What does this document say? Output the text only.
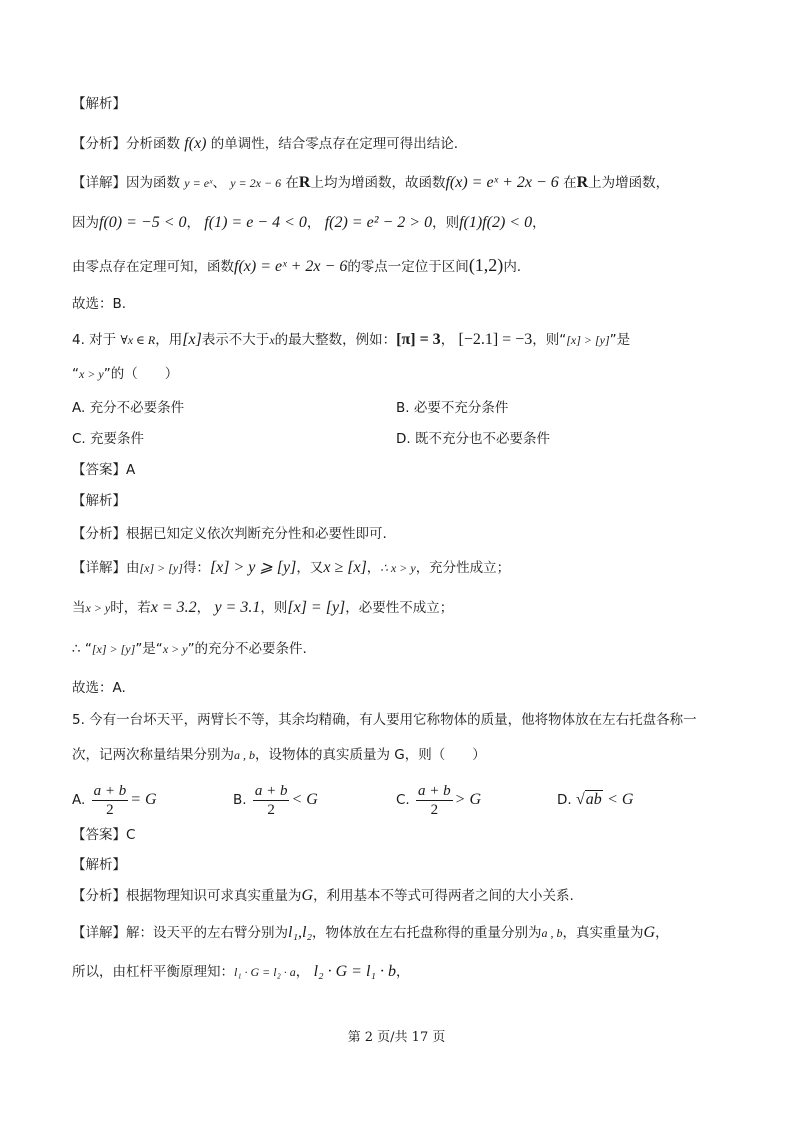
【解析】
【分析】分析函数 f(x) 的单调性，结合零点存在定理可得出结论.
【详解】因为函数 y = eˣ、 y = 2x − 6 在R上均为增函数，故函数f(x) = eˣ + 2x − 6 在R上为增函数，
因为f(0) = −5 < 0， f(1) = e − 4 < 0， f(2) = e² − 2 > 0，则f(1)f(2) < 0，
由零点存在定理可知，函数f(x) = eˣ + 2x − 6的零点一定位于区间(1,2)内.
故选：B.
4. 对于 ∀x ∈ R，用[x]表示不大于x的最大整数，例如：[π] = 3， [−2.1] = −3，则“[x] > [y]”是
“x > y”的（　　）
A. 充分不必要条件	B. 必要不充分条件
C. 充要条件	D. 既不充分也不必要条件
【答案】A
【解析】
【分析】根据已知定义依次判断充分性和必要性即可.
【详解】由[x] > [y]得：[x] > y ⩾ [y]，又x ≥ [x]，∴ x > y，充分性成立；
当x > y时，若x = 3.2， y = 3.1，则[x] = [y]，必要性不成立；
∴ “[x] > [y]”是“x > y”的充分不必要条件.
故选：A.
5. 今有一台坏天平，两臂长不等，其余均精确，有人要用它称物体的质量，他将物体放在左右托盘各称一
次，记两次称量结果分别为a , b，设物体的真实质量为 G，则（　　）
A. $\frac{a + b}{2} = G$	B. $\frac{a + b}{2} < G$	C. $\frac{a + b}{2} > G$	D. √ab < G
【答案】C
【解析】
【分析】根据物理知识可求真实重量为G，利用基本不等式可得两者之间的大小关系.
【详解】解：设天平的左右臂分别为l₁,l₂，物体放在左右托盘称得的重量分别为a , b，真实重量为G，
所以，由杠杆平衡原理知：l₁ · G = l₂ · a， l₂ · G = l₁ · b，
第 2 页/共 17 页
